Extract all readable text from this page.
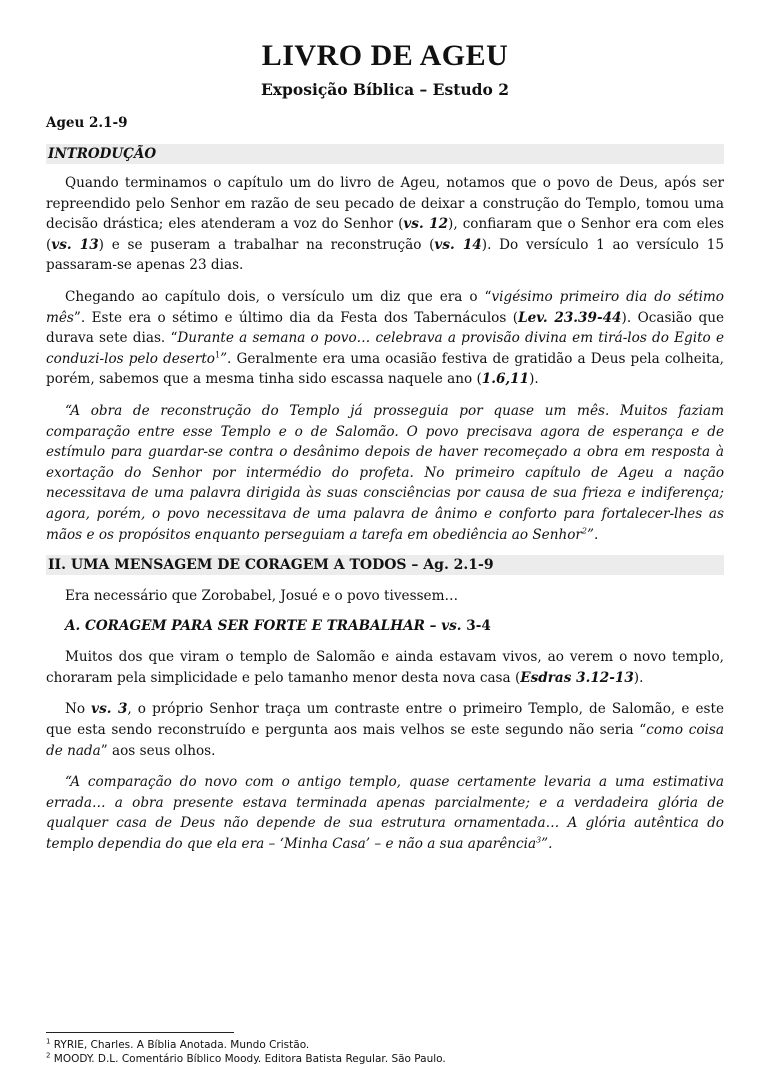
LIVRO DE AGEU
Exposição Bíblica – Estudo 2
Ageu 2.1-9
INTRODUÇÃO

Quando terminamos o capítulo um do livro de Ageu, notamos que o povo de Deus, após ser repreendido pelo Senhor em razão de seu pecado de deixar a construção do Templo, tomou uma decisão drástica; eles atenderam a voz do Senhor (vs. 12), confiaram que o Senhor era com eles (vs. 13) e se puseram a trabalhar na reconstrução (vs. 14). Do versículo 1 ao versículo 15 passaram-se apenas 23 dias.

Chegando ao capítulo dois, o versículo um diz que era o “vigésimo primeiro dia do sétimo mês”. Este era o sétimo e último dia da Festa dos Tabernáculos (Lev. 23.39-44). Ocasião que durava sete dias. “Durante a semana o povo… celebrava a provisão divina em tirá-los do Egito e conduzi-los pelo deserto$^1$”. Geralmente era uma ocasião festiva de gratidão a Deus pela colheita, porém, sabemos que a mesma tinha sido escassa naquele ano (1.6,11).

“A obra de reconstrução do Templo já prosseguia por quase um mês. Muitos faziam comparação entre esse Templo e o de Salomão. O povo precisava agora de esperança e de estímulo para guardar-se contra o desânimo depois de haver recomeçado a obra em resposta à exortação do Senhor por intermédio do profeta. No primeiro capítulo de Ageu a nação necessitava de uma palavra dirigida às suas consciências por causa de sua frieza e indiferença; agora, porém, o povo necessitava de uma palavra de ânimo e conforto para fortalecer-lhes as mãos e os propósitos enquanto perseguiam a tarefa em obediência ao Senhor$^2$”.

II. UMA MENSAGEM DE CORAGEM A TODOS – Ag. 2.1-9

Era necessário que Zorobabel, Josué e o povo tivessem…

A. CORAGEM PARA SER FORTE E TRABALHAR – vs. 3-4

Muitos dos que viram o templo de Salomão e ainda estavam vivos, ao verem o novo templo, choraram pela simplicidade e pelo tamanho menor desta nova casa (Esdras 3.12-13).

No vs. 3, o próprio Senhor traça um contraste entre o primeiro Templo, de Salomão, e este que esta sendo reconstruído e pergunta aos mais velhos se este segundo não seria “como coisa de nada” aos seus olhos.

“A comparação do novo com o antigo templo, quase certamente levaria a uma estimativa errada… a obra presente estava terminada apenas parcialmente; e a verdadeira glória de qualquer casa de Deus não depende de sua estrutura ornamentada… A glória autêntica do templo dependia do que ela era – ‘Minha Casa’ – e não a sua aparência$^3$”.

$^1$ RYRIE, Charles. A Bíblia Anotada. Mundo Cristão.
$^2$ MOODY. D.L. Comentário Bíblico Moody. Editora Batista Regular. São Paulo.
